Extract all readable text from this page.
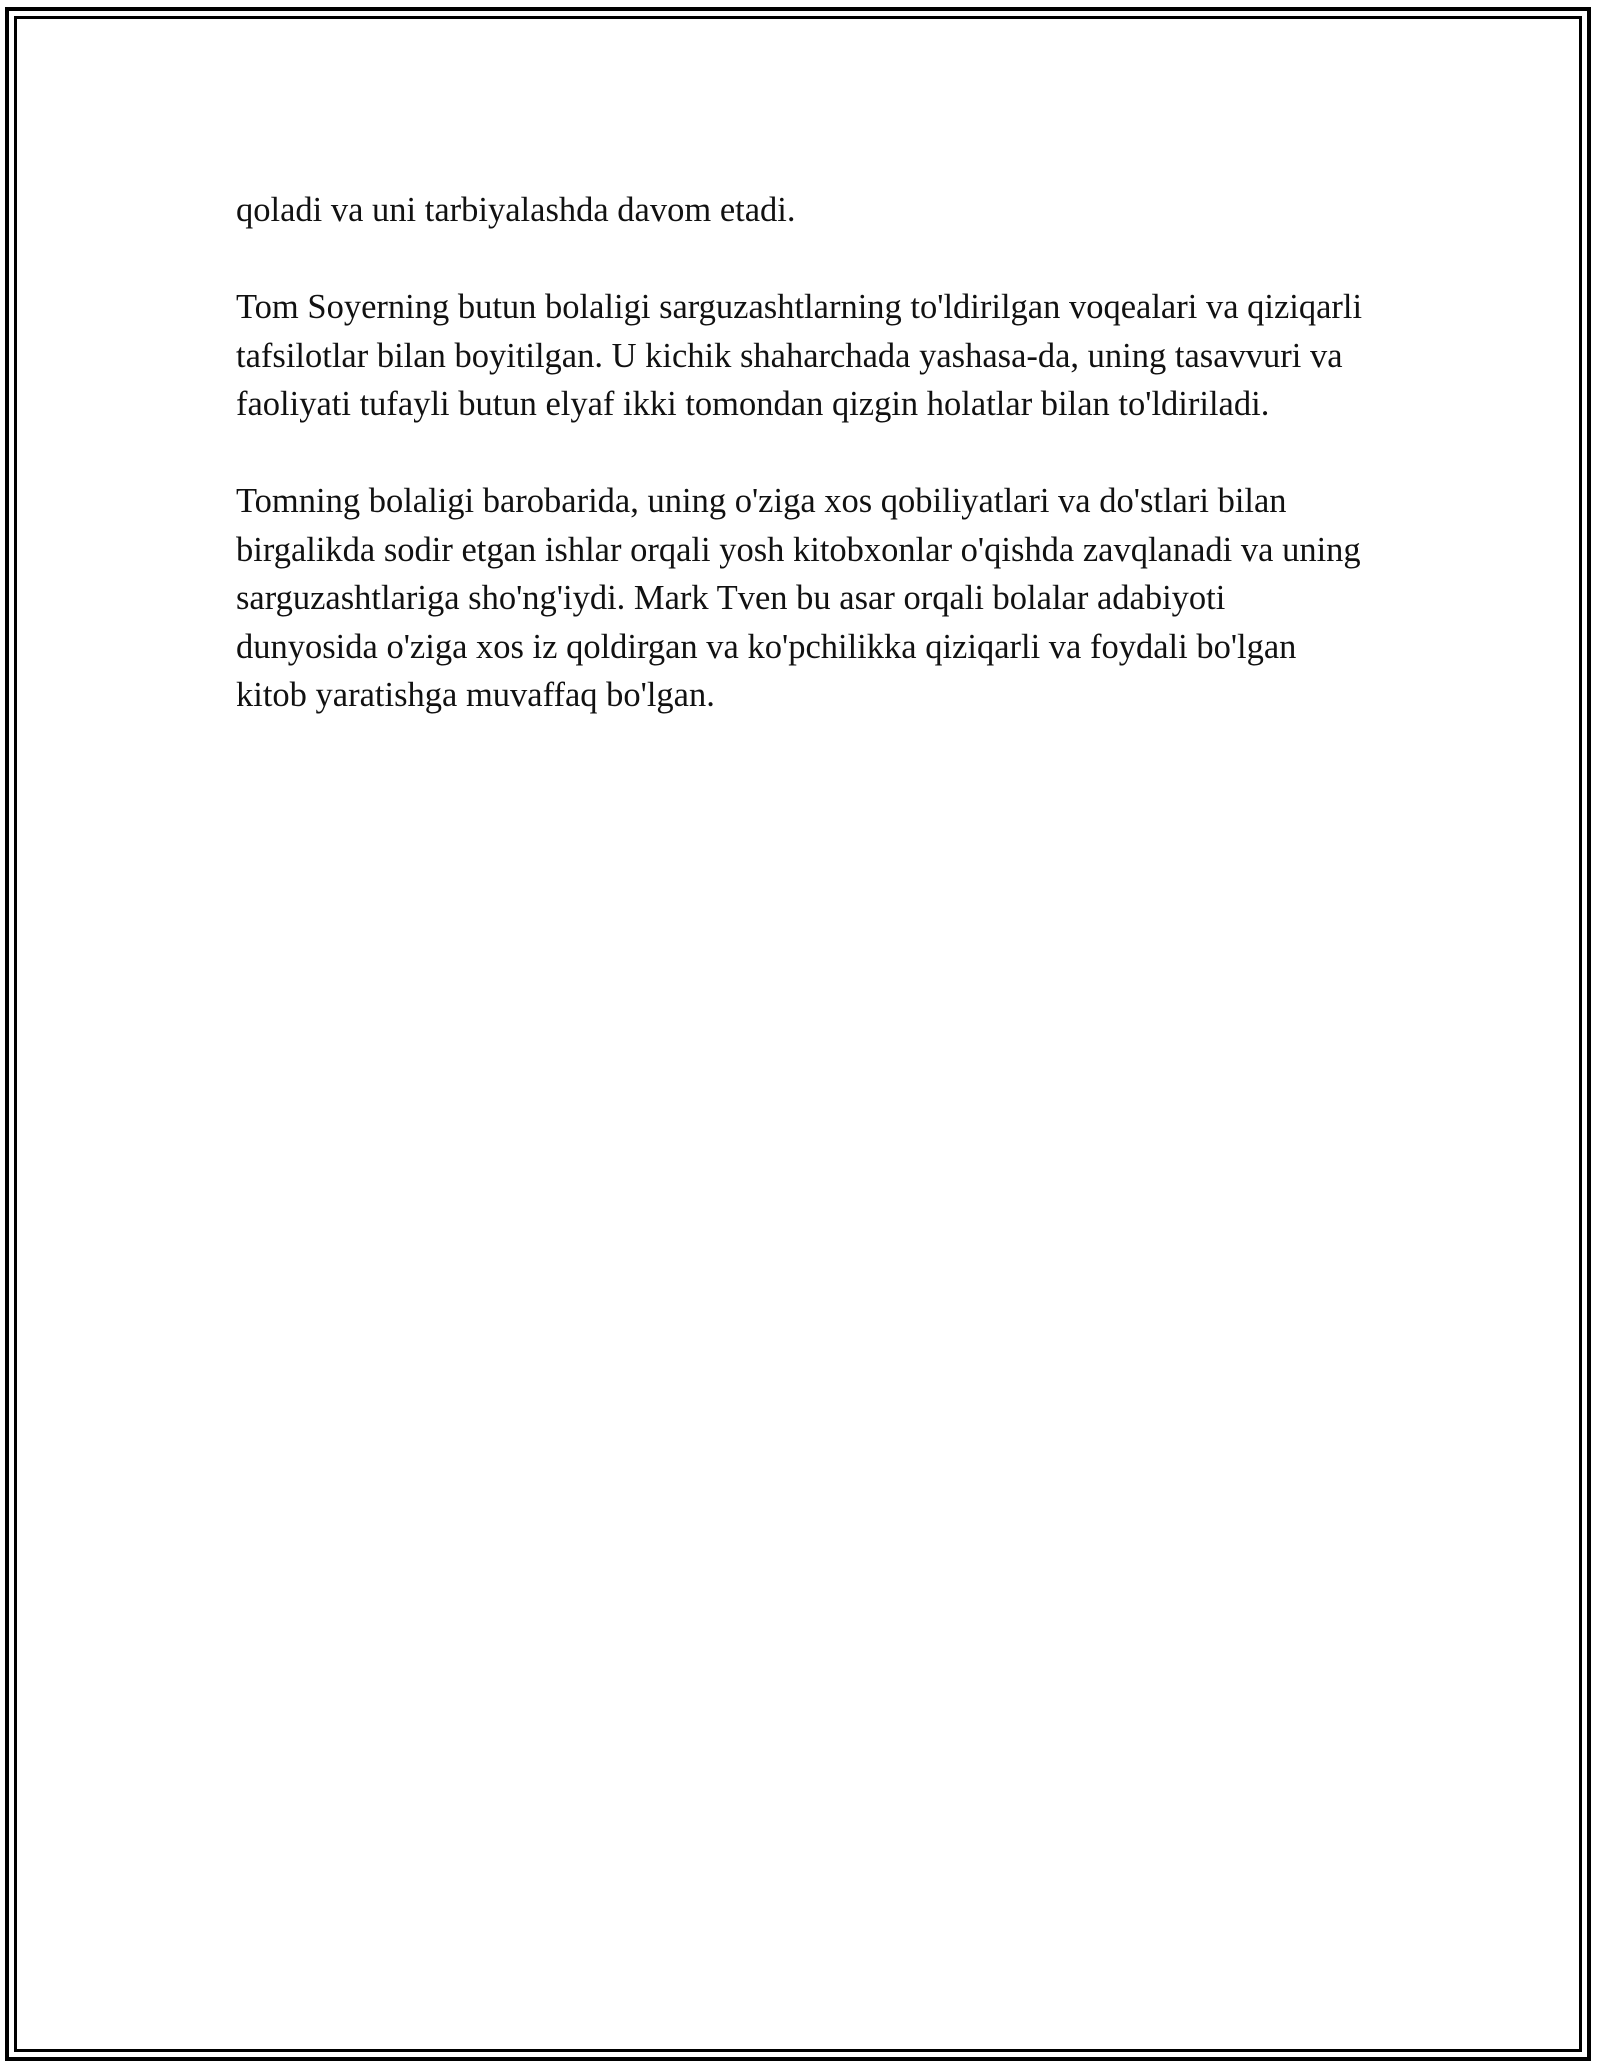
qoladi va uni tarbiyalashda davom etadi.

Tom Soyerning butun bolaligi sarguzashtlarning to'ldirilgan voqealari va qiziqarli tafsilotlar bilan boyitilgan. U kichik shaharchada yashasa-da, uning tasavvuri va faoliyati tufayli butun elyaf ikki tomondan qizgin holatlar bilan to'ldiriladi.

Tomning bolaligi barobarida, uning o'ziga xos qobiliyatlari va do'stlari bilan birgalikda sodir etgan ishlar orqali yosh kitobxonlar o'qishda zavqlanadi va uning sarguzashtlariga sho'ng'iydi. Mark Tven bu asar orqali bolalar adabiyoti dunyosida o'ziga xos iz qoldirgan va ko'pchilikka qiziqarli va foydali bo'lgan kitob yaratishga muvaffaq bo'lgan.
